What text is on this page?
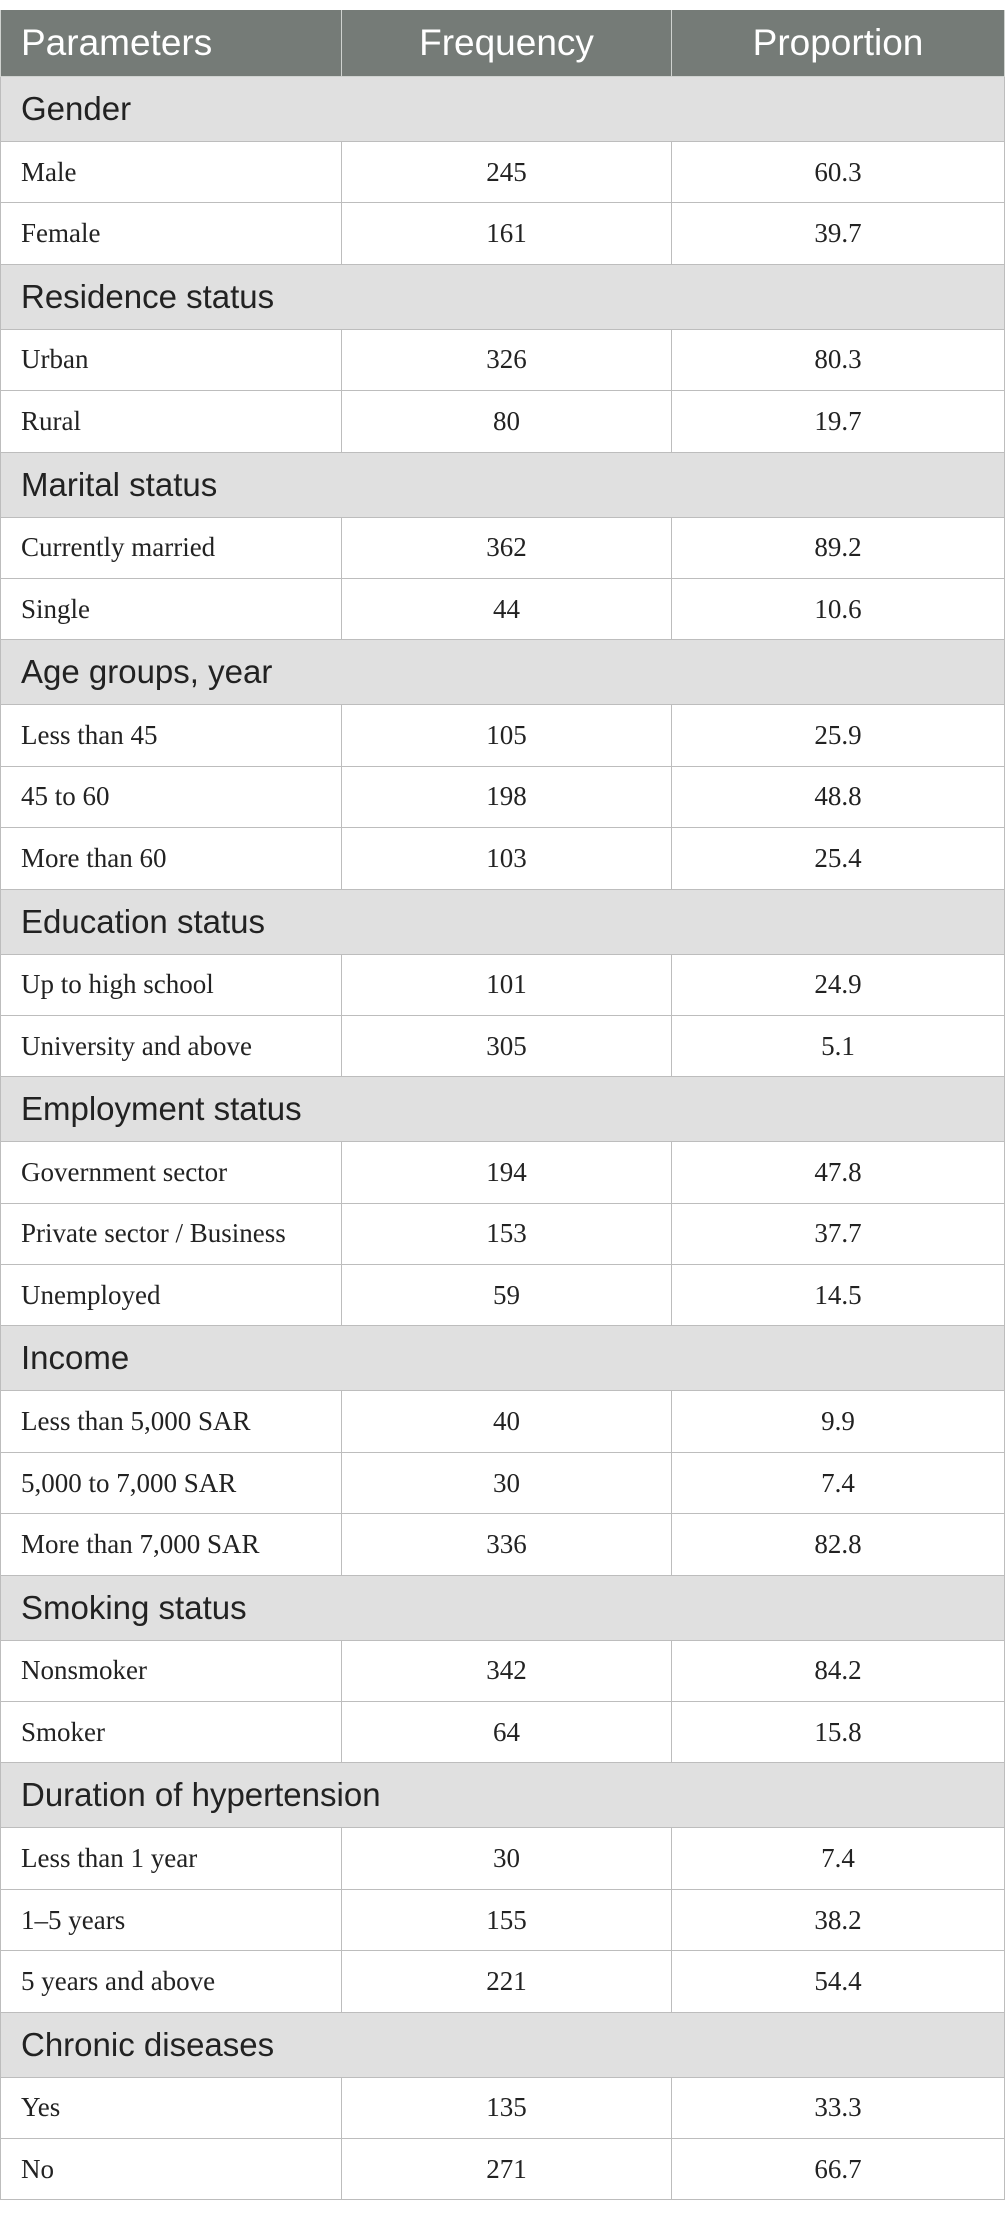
Parameters	Frequency	Proportion
Gender		
Male	245	60.3
Female	161	39.7
Residence status		
Urban	326	80.3
Rural	80	19.7
Marital status		
Currently married	362	89.2
Single	44	10.6
Age groups, year		
Less than 45	105	25.9
45 to 60	198	48.8
More than 60	103	25.4
Education status		
Up to high school	101	24.9
University and above	305	5.1
Employment status		
Government sector	194	47.8
Private sector / Business	153	37.7
Unemployed	59	14.5
Income		
Less than 5,000 SAR	40	9.9
5,000 to 7,000 SAR	30	7.4
More than 7,000 SAR	336	82.8
Smoking status		
Nonsmoker	342	84.2
Smoker	64	15.8
Duration of hypertension		
Less than 1 year	30	7.4
1–5 years	155	38.2
5 years and above	221	54.4
Chronic diseases		
Yes	135	33.3
No	271	66.7
